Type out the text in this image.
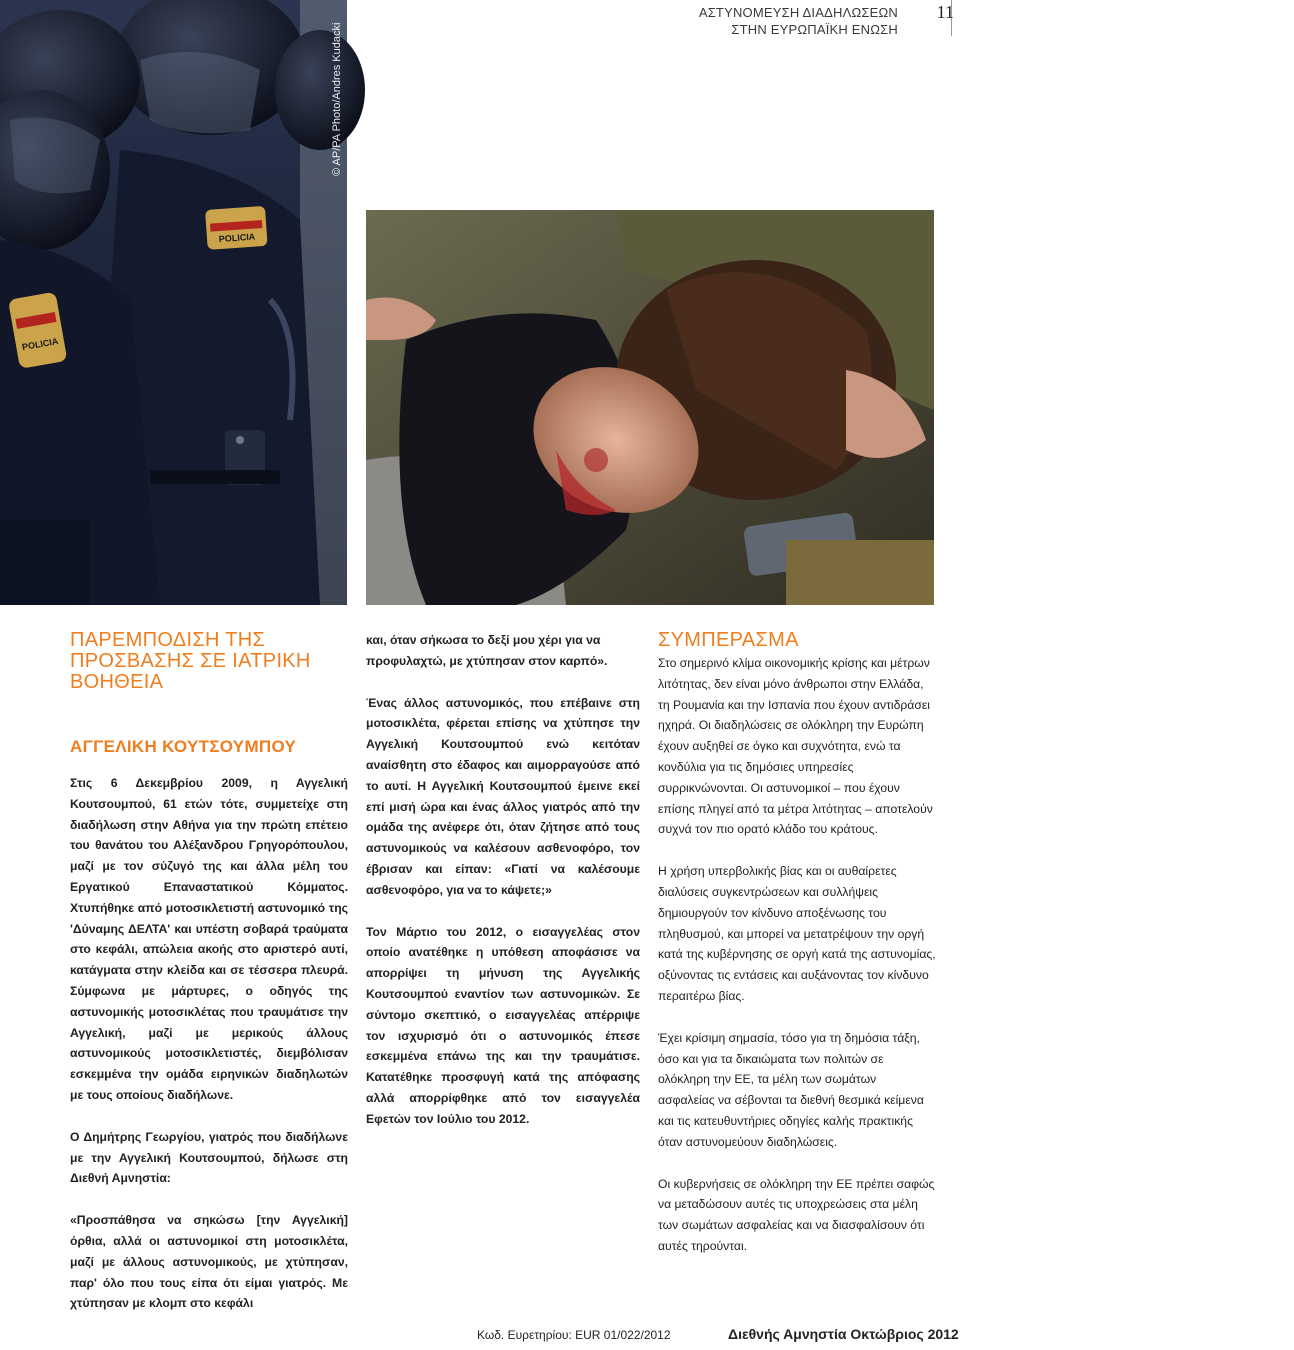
ΑΣΤΥΝΟΜΕΥΣΗ ΔΙΑΔΗΛΩΣΕΩΝ
ΣΤΗΝ ΕΥΡΩΠΑΪΚΗ ΕΝΩΣΗ
11
POLICIA
POLICIA
© AP/PA Photo/Andres Kudacki
© Private
ΠΑΡΕΜΠΟΔΙΣΗ ΤΗΣ ΠΡΟΣΒΑΣΗΣ ΣΕ ΙΑΤΡΙΚΗ ΒΟΗΘΕΙΑ
ΑΓΓΕΛΙΚΗ ΚΟΥΤΣΟΥΜΠΟΥ

Στις 6 Δεκεμβρίου 2009, η Αγγελική Κουτσουμπού, 61 ετών τότε, συμμετείχε στη διαδήλωση στην Αθήνα για την πρώτη επέτειο του θανάτου του Αλέξανδρου Γρηγορόπουλου, μαζί με τον σύζυγό της και άλλα μέλη του Εργατικού Επαναστατικού Κόμματος. Χτυπήθηκε από μοτοσικλετιστή αστυνομικό της 'Δύναμης ΔΕΛΤΑ' και υπέστη σοβαρά τραύματα στο κεφάλι, απώλεια ακοής στο αριστερό αυτί, κατάγματα στην κλείδα και σε τέσσερα πλευρά. Σύμφωνα με μάρτυρες, ο οδηγός της αστυνομικής μοτοσικλέτας που τραυμάτισε την Αγγελική, μαζί με μερικούς άλλους αστυνομικούς μοτοσικλετιστές, διεμβόλισαν εσκεμμένα την ομάδα ειρηνικών διαδηλωτών με τους οποίους διαδήλωνε.

Ο Δημήτρης Γεωργίου, γιατρός που διαδήλωνε με την Αγγελική Κουτσουμπού, δήλωσε στη Διεθνή Αμνηστία:

«Προσπάθησα να σηκώσω [την Αγγελική] όρθια, αλλά οι αστυνομικοί στη μοτοσικλέτα, μαζί με άλλους αστυνομικούς, με χτύπησαν, παρ' όλο που τους είπα ότι είμαι γιατρός. Με χτύπησαν με κλομπ στο κεφάλι

και, όταν σήκωσα το δεξί μου χέρι για να προφυλαχτώ, με χτύπησαν στον καρπό».

Ένας άλλος αστυνομικός, που επέβαινε στη μοτοσικλέτα, φέρεται επίσης να χτύπησε την Αγγελική Κουτσουμπού ενώ κειτόταν αναίσθητη στο έδαφος και αιμορραγούσε από το αυτί. Η Αγγελική Κουτσουμπού έμεινε εκεί επί μισή ώρα και ένας άλλος γιατρός από την ομάδα της ανέφερε ότι, όταν ζήτησε από τους αστυνομικούς να καλέσουν ασθενοφόρο, τον έβρισαν και είπαν: «Γιατί να καλέσουμε ασθενοφόρο, για να το κάψετε;»

Τον Μάρτιο του 2012, ο εισαγγελέας στον οποίο ανατέθηκε η υπόθεση αποφάσισε να απορρίψει τη μήνυση της Αγγελικής Κουτσουμπού εναντίον των αστυνομικών. Σε σύντομο σκεπτικό, ο εισαγγελέας απέρριψε τον ισχυρισμό ότι ο αστυνομικός έπεσε εσκεμμένα επάνω της και την τραυμάτισε. Κατατέθηκε προσφυγή κατά της απόφασης αλλά απορρίφθηκε από τον εισαγγελέα Εφετών τον Ιούλιο του 2012.

ΣΥΜΠΕΡΑΣΜΑ

Στο σημερινό κλίμα οικονομικής κρίσης και μέτρων λιτότητας, δεν είναι μόνο άνθρωποι στην Ελλάδα, τη Ρουμανία και την Ισπανία που έχουν αντιδράσει ηχηρά. Οι διαδηλώσεις σε ολόκληρη την Ευρώπη έχουν αυξηθεί σε όγκο και συχνότητα, ενώ τα κονδύλια για τις δημόσιες υπηρεσίες συρρικνώνονται. Οι αστυνομικοί – που έχουν επίσης πληγεί από τα μέτρα λιτότητας – αποτελούν συχνά τον πιο ορατό κλάδο του κράτους.

Η χρήση υπερβολικής βίας και οι αυθαίρετες διαλύσεις συγκεντρώσεων και συλλήψεις δημιουργούν τον κίνδυνο αποξένωσης του πληθυσμού, και μπορεί να μετατρέψουν την οργή κατά της κυβέρνησης σε οργή κατά της αστυνομίας, οξύνοντας τις εντάσεις και αυξάνοντας τον κίνδυνο περαιτέρω βίας.

Έχει κρίσιμη σημασία, τόσο για τη δημόσια τάξη, όσο και για τα δικαιώματα των πολιτών σε ολόκληρη την ΕΕ, τα μέλη των σωμάτων ασφαλείας να σέβονται τα διεθνή θεσμικά κείμενα και τις κατευθυντήριες οδηγίες καλής πρακτικής όταν αστυνομεύουν διαδηλώσεις.

Οι κυβερνήσεις σε ολόκληρη την ΕΕ πρέπει σαφώς να μεταδώσουν αυτές τις υποχρεώσεις στα μέλη των σωμάτων ασφαλείας και να διασφαλίσουν ότι αυτές τηρούνται.

Κωδ. Ευρετηρίου: EUR 01/022/2012	Διεθνής Αμνηστία Οκτώβριος 2012
